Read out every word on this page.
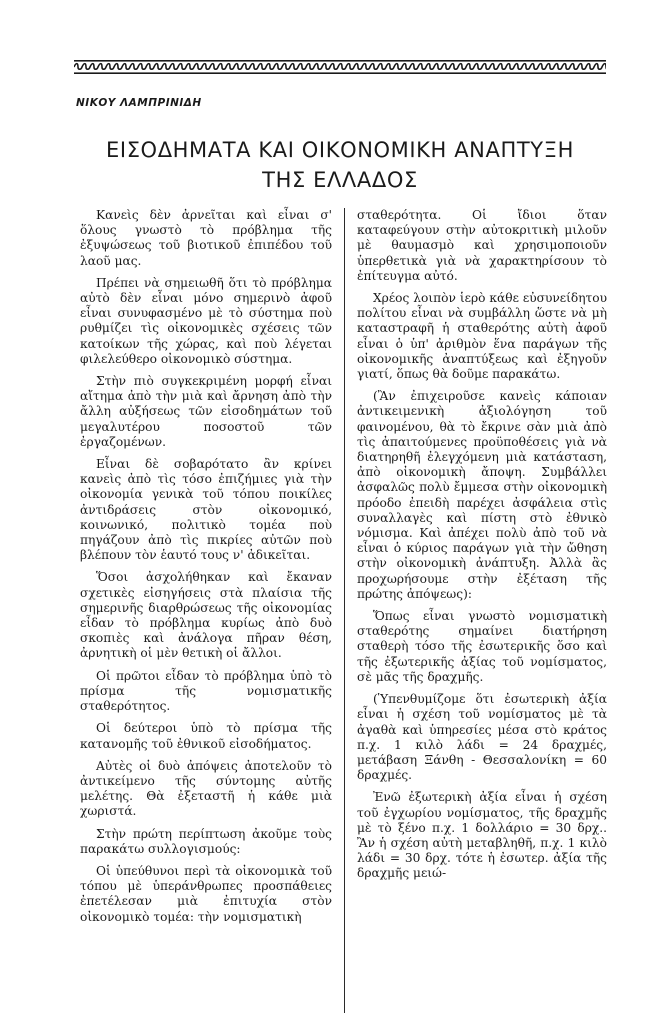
ΝΙΚΟΥ ΛΑΜΠΡΙΝΙΔΗ
ΕΙΣΟΔΗΜΑΤΑ ΚΑΙ ΟΙΚΟΝΟΜΙΚΗ ΑΝΑΠΤΥΞΗ
ΤΗΣ ΕΛΛΑΔΟΣ

Κανεὶς δὲν ἀρνεῖται καὶ εἶναι σ' ὅλους γνωστὸ τὸ πρόβλημα τῆς ἐξυψώσεως τοῦ βιοτικοῦ ἐπιπέδου τοῦ λαοῦ μας.

Πρέπει νὰ σημειωθῆ ὅτι τὸ πρόβλημα αὐτὸ δὲν εἶναι μόνο σημερινὸ ἀφοῦ εἶναι συνυφασμένο μὲ τὸ σύστημα ποὺ ρυθμίζει τὶς οἰκονομικὲς σχέσεις τῶν κατοίκων τῆς χώρας, καὶ ποὺ λέγεται φιλελεύθερο οἰκονομικὸ σύστημα.

Στὴν πιὸ συγκεκριμένη μορφή εἶναι αἴτημα ἀπὸ τὴν μιὰ καὶ ἄρνηση ἀπὸ τὴν ἄλλη αὐξήσεως τῶν εἰσοδημάτων τοῦ μεγαλυτέρου ποσοστοῦ τῶν ἐργαζομένων.

Εἶναι δὲ σοβαρότατο ἂν κρίνει κανεὶς ἀπὸ τὶς τόσο ἐπιζήμιες γιὰ τὴν οἰκονομία γενικὰ τοῦ τόπου ποικίλες ἀντιδράσεις στὸν οἰκονομικό, κοινωνικό, πολιτικὸ τομέα ποὺ πηγάζουν ἀπὸ τὶς πικρίες αὐτῶν ποὺ βλέπουν τὸν ἑαυτό τους ν' ἀδικεῖται.

Ὅσοι ἀσχολήθηκαν καὶ ἔκαναν σχετικὲς εἰσηγήσεις στὰ πλαίσια τῆς σημερινῆς διαρθρώσεως τῆς οἰκονομίας εἶδαν τὸ πρόβλημα κυρίως ἀπὸ δυὸ σκοπιὲς καὶ ἀνάλογα πῆραν θέση, ἀρνητικὴ οἱ μὲν θετικὴ οἱ ἄλλοι.

Οἱ πρῶτοι εἶδαν τὸ πρόβλημα ὑπὸ τὸ πρίσμα τῆς νομισματικῆς σταθερότητος.

Οἱ δεύτεροι ὑπὸ τὸ πρίσμα τῆς κατανομῆς τοῦ ἐθνικοῦ εἰσοδήματος.

Αὐτὲς οἱ δυὸ ἀπόψεις ἀποτελοῦν τὸ ἀντικείμενο τῆς σύντομης αὐτῆς μελέτης. Θὰ ἐξεταστῆ ἡ κάθε μιὰ χωριστά.

Στὴν πρώτη περίπτωση ἀκοῦμε τοὺς παρακάτω συλλογισμούς:

Οἱ ὑπεύθυνοι περὶ τὰ οἰκονομικὰ τοῦ τόπου μὲ ὑπεράνθρωπες προσπάθειες ἐπετέλεσαν μιὰ ἐπιτυχία στὸν οἰκονομικὸ τομέα: τὴν νομισματικὴ

σταθερότητα. Οἱ ἴδιοι ὅταν καταφεύγουν στὴν αὐτοκριτικὴ μιλοῦν μὲ θαυμασμὸ καὶ χρησιμοποιοῦν ὑπερθετικὰ γιὰ νὰ χαρακτηρίσουν τὸ ἐπίτευγμα αὐτό.

Χρέος λοιπὸν ἱερὸ κάθε εὐσυνείδητου πολίτου εἶναι νὰ συμβάλλη ὥστε νὰ μὴ καταστραφῆ ἡ σταθερότης αὐτὴ ἀφοῦ εἶναι ὁ ὑπ' ἀριθμὸν ἕνα παράγων τῆς οἰκονομικῆς ἀναπτύξεως καὶ ἐξηγοῦν γιατί, ὅπως θὰ δοῦμε παρακάτω.

(Ἂν ἐπιχειροῦσε κανεὶς κάποιαν ἀντικειμενικὴ ἀξιολόγηση τοῦ φαινομένου, θὰ τὸ ἔκρινε σὰν μιὰ ἀπὸ τὶς ἀπαιτούμενες προϋποθέσεις γιὰ νὰ διατηρηθῆ ἐλεγχόμενη μιὰ κατάσταση, ἀπὸ οἰκονομικὴ ἄποψη. Συμβάλλει ἀσφαλῶς πολὺ ἔμμεσα στὴν οἰκονομικὴ πρόοδο ἐπειδὴ παρέχει ἀσφάλεια στὶς συναλλαγὲς καὶ πίστη στὸ ἐθνικὸ νόμισμα. Καὶ ἀπέχει πολὺ ἀπὸ τοῦ νὰ εἶναι ὁ κύριος παράγων γιὰ τὴν ὤθηση στὴν οἰκονομικὴ ἀνάπτυξη. Ἀλλὰ ἂς προχωρήσουμε στὴν ἐξέταση τῆς πρώτης ἀπόψεως):

Ὅπως εἶναι γνωστὸ νομισματικὴ σταθερότης σημαίνει διατήρηση σταθερὴ τόσο τῆς ἐσωτερικῆς ὅσο καὶ τῆς ἐξωτερικῆς ἀξίας τοῦ νομίσματος, σὲ μᾶς τῆς δραχμῆς.

(Ὑπενθυμίζομε ὅτι ἐσωτερικὴ ἀξία εἶναι ἡ σχέση τοῦ νομίσματος μὲ τὰ ἀγαθὰ καὶ ὑπηρεσίες μέσα στὸ κράτος π.χ. 1 κιλὸ λάδι = 24 δραχμές, μετάβαση Ξάνθη - Θεσσαλονίκη = 60 δραχμές.

Ἐνῶ ἐξωτερικὴ ἀξία εἶναι ἡ σχέση τοῦ ἐγχωρίου νομίσματος, τῆς δραχμῆς μὲ τὸ ξένο π.χ. 1 δολλάριο = 30 δρχ.. Ἂν ἡ σχέση αὐτὴ μεταβληθῆ, π.χ. 1 κιλὸ λάδι = 30 δρχ. τότε ἡ ἐσωτερ. ἀξία τῆς δραχμῆς μειώ-
